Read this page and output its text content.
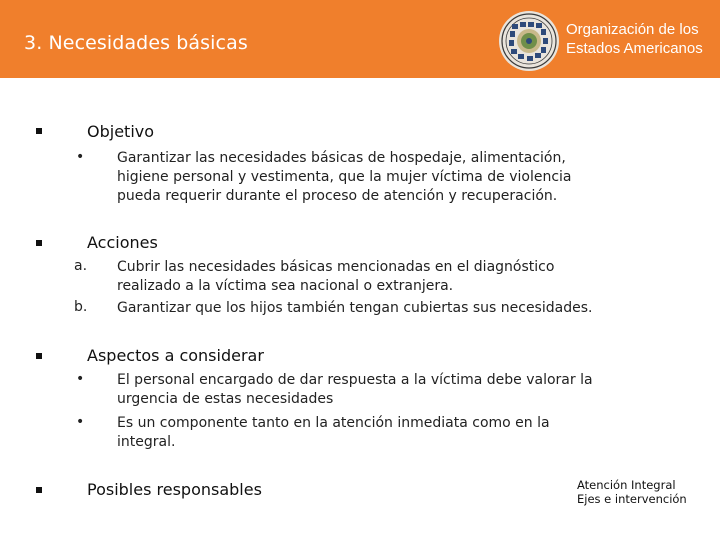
3. Necesidades básicas
Organización de los
Estados Americanos
Objetivo
• Garantizar las necesidades básicas de hospedaje, alimentación,
higiene personal y vestimenta, que la mujer víctima de violencia
pueda requerir durante el proceso de atención y recuperación.
Acciones
a. Cubrir las necesidades básicas mencionadas en el diagnóstico
realizado a la víctima sea nacional o extranjera.
b. Garantizar que los hijos también tengan cubiertas sus necesidades.
Aspectos a considerar
• El personal encargado de dar respuesta a la víctima debe valorar la
urgencia de estas necesidades
• Es un componente tanto en la atención inmediata como en la
integral.
Posibles responsables	Atención Integral
Ejes e intervención
